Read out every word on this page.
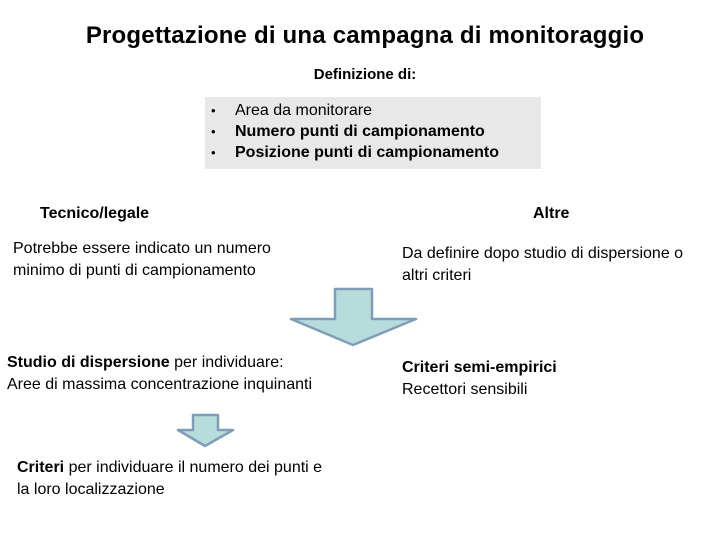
Progettazione di una campagna di monitoraggio
Definizione di:
• Area da monitorare
• Numero punti di campionamento
• Posizione punti di campionamento
Tecnico/legale
Potrebbe essere indicato un numero
minimo di punti di campionamento
Studio di dispersione per individuare:
Aree di massima concentrazione inquinanti
Criteri per individuare il numero dei punti e
la loro localizzazione
Altre
Da definire dopo studio di dispersione o
altri criteri
Criteri semi-empirici
Recettori sensibili
